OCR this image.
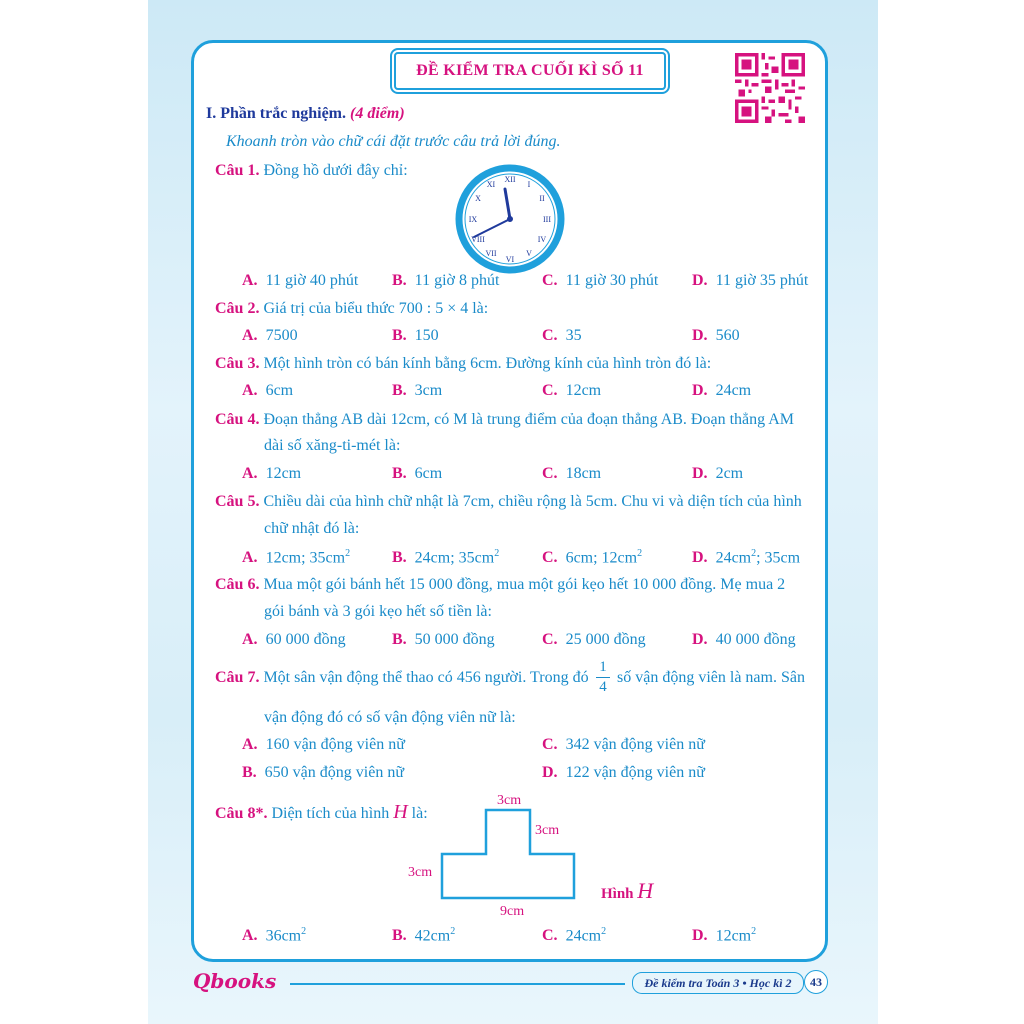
ĐỀ KIỂM TRA CUỐI KÌ SỐ 11
I. Phần trắc nghiệm. (4 điểm)
Khoanh tròn vào chữ cái đặt trước câu trả lời đúng.
Câu 1. Đồng hồ dưới đây chỉ:
XII
I
II
III
IV
V
VI
VII
VIII
IX
X
XI
A. 11 giờ 40 phút B. 11 giờ 8 phút	C. 11 giờ 30 phút D. 11 giờ 35 phút
Câu 2. Giá trị của biểu thức 700 : 5 × 4 là:
A. 7500	B. 150	C. 35	D. 560
Câu 3. Một hình tròn có bán kính bằng 6cm. Đường kính của hình tròn đó là:
A. 6cm	B. 3cm	C. 12cm	D. 24cm
Câu 4. Đoạn thẳng AB dài 12cm, có M là trung điểm của đoạn thẳng AB. Đoạn thẳng AM
dài số xăng-ti-mét là:
A. 12cm	B. 6cm	C. 18cm	D. 2cm
Câu 5. Chiều dài của hình chữ nhật là 7cm, chiều rộng là 5cm. Chu vi và diện tích của hình
chữ nhật đó là:
A. 12cm; $35cm^2$	B. 24cm; $35cm^2$	C. 6cm; $12cm^2$	D. $24cm^2$; 35cm
Câu 6. Mua một gói bánh hết 15 000 đồng, mua một gói kẹo hết 10 000 đồng. Mẹ mua 2
gói bánh và 3 gói kẹo hết số tiền là:
A. 60 000 đồng	B. 50 000 đồng	C. 25 000 đồng	D. 40 000 đồng
Câu 7. Một sân vận động thể thao có 456 người. Trong đó
1
4
số vận động viên là nam. Sân
vận động đó có số vận động viên nữ là:
A. 160 vận động viên nữ	C. 342 vận động viên nữ
B. 650 vận động viên nữ	D. 122 vận động viên nữ
Câu 8*. Diện tích của hình H là:
3cm
3cm
3cm
9cm
Hình H
A. $36cm^2$	B. $42cm^2$	C. $24cm^2$	D. $12cm^2$
Qbooks	Đề kiểm tra Toán 3 • Học kì 2	43
